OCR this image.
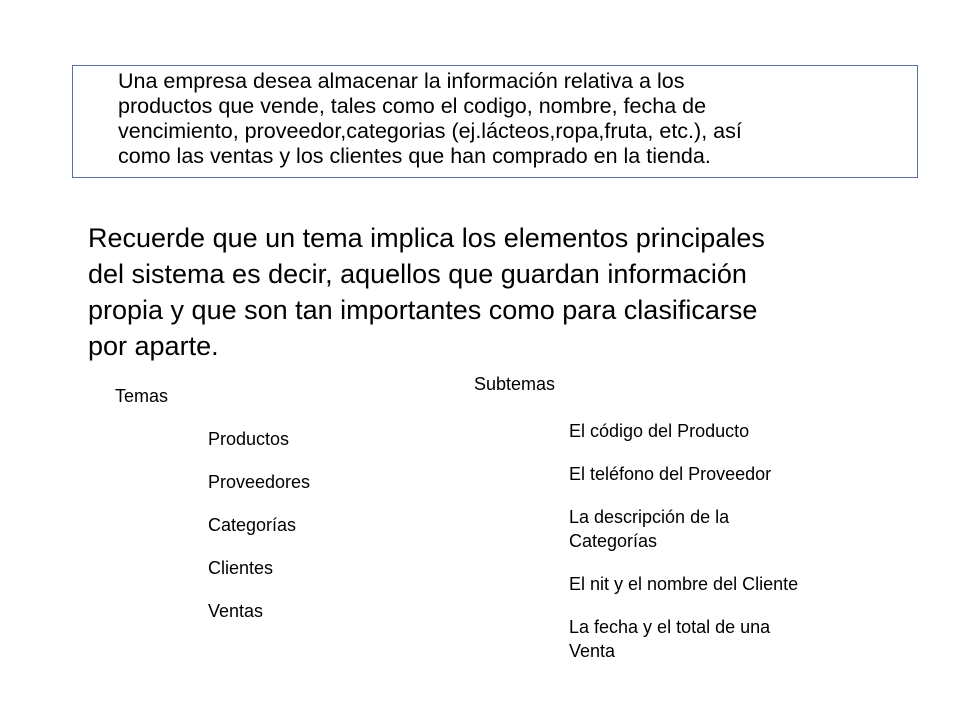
Una empresa desea almacenar la información relativa a los
productos que vende, tales como el codigo, nombre, fecha de
vencimiento, proveedor,categorias (ej.lácteos,ropa,fruta, etc.), así
como las ventas y los clientes que han comprado en la tienda.

Recuerde que un tema implica los elementos principales
del sistema es decir, aquellos que guardan información
propia y que son tan importantes como para clasificarse
por aparte.

Temas
Productos
Proveedores
Categorías
Clientes
Ventas
Subtemas
El código del Producto
El teléfono del Proveedor
La descripción de la Categorías
El nit y el nombre del Cliente
La fecha y el total de una Venta
